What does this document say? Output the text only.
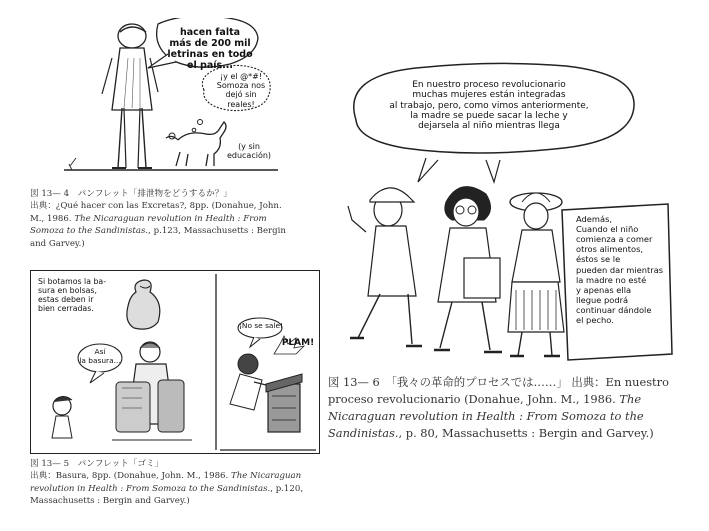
hacen falta
más de 200 mil
letrinas en todo
el país...
¡y el @*#!
Somoza nos
dejó sin
reales!
(y sin
educación)
図 13— 4　パンフレット「排泄物をどうするか？」
出典：¿Qué hacer con las Excretas?, 8pp. (Donahue, John. M., 1986. The Nicaraguan revolution in Health : From Somoza to the Sandinistas., p.123, Massachusetts : Bergin and Garvey.)
Si botamos la ba-
sura en bolsas,
estas deben ir
bien cerradas.
Así
la basura...
¡No se sale!
PLAM!
図 13— 5　パンフレット「ゴミ」
出典：Basura, 8pp. (Donahue, John. M., 1986. The Nicaraguan revolution in Health : From Somoza to the Sandinistas., p.120, Massachusetts : Bergin and Garvey.)
En nuestro proceso revolucionario
muchas mujeres están integradas
al trabajo, pero, como vimos anteriormente,
la madre se puede sacar la leche y
dejarsela al niño mientras llega
Además,
Cuando el niño
comienza a comer
otros alimentos,
éstos se le
pueden dar mientras
la madre no esté
y apenas ella
llegue podrá
continuar dándole
el pecho.
図 13— 6　「我々の革命的プロセスでは……」 出典：En nuestro proceso revolucionario (Donahue, John. M., 1986. The Nicaraguan revolution in Health : From Somoza to the Sandinistas., p. 80, Massachusetts : Bergin and Garvey.)
